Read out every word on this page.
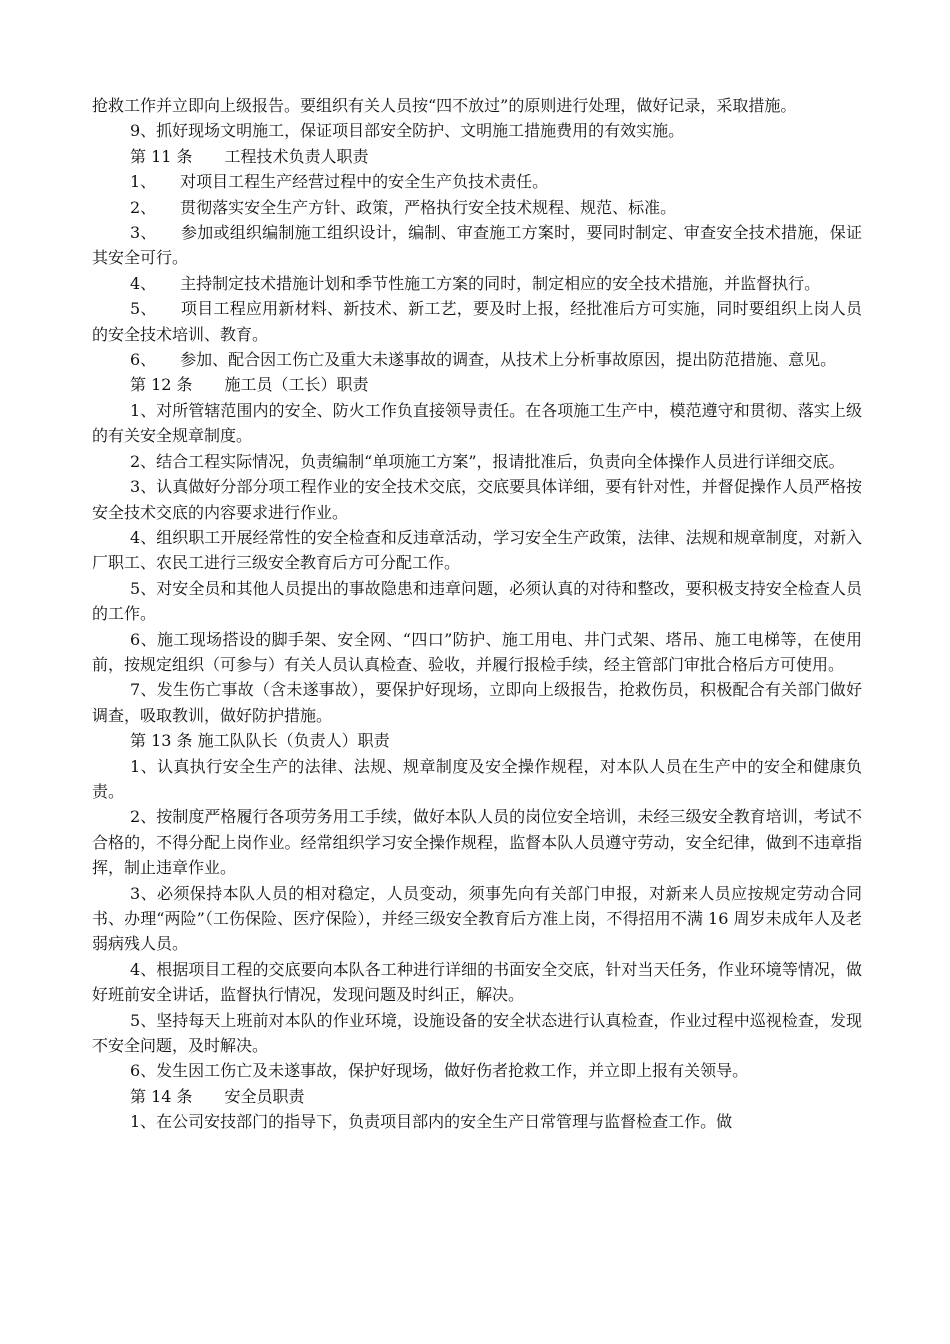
抢救工作并立即向上级报告。要组织有关人员按“四不放过”的原则进行处理，做好记录，采取措施。

9、抓好现场文明施工，保证项目部安全防护、文明施工措施费用的有效实施。

第 11 条　　工程技术负责人职责

1、　　对项目工程生产经营过程中的安全生产负技术责任。

2、　　贯彻落实安全生产方针、政策，严格执行安全技术规程、规范、标准。

3、　　参加或组织编制施工组织设计，编制、审查施工方案时，要同时制定、审查安全技术措施，保证其安全可行。

4、　　主持制定技术措施计划和季节性施工方案的同时，制定相应的安全技术措施，并监督执行。

5、　　项目工程应用新材料、新技术、新工艺，要及时上报，经批准后方可实施，同时要组织上岗人员的安全技术培训、教育。

6、　　参加、配合因工伤亡及重大未遂事故的调查，从技术上分析事故原因，提出防范措施、意见。

第 12 条　　施工员（工长）职责

1、对所管辖范围内的安全、防火工作负直接领导责任。在各项施工生产中，模范遵守和贯彻、落实上级的有关安全规章制度。

2、结合工程实际情况，负责编制“单项施工方案”，报请批准后，负责向全体操作人员进行详细交底。

3、认真做好分部分项工程作业的安全技术交底，交底要具体详细，要有针对性，并督促操作人员严格按安全技术交底的内容要求进行作业。

4、组织职工开展经常性的安全检查和反违章活动，学习安全生产政策，法律、法规和规章制度，对新入厂职工、农民工进行三级安全教育后方可分配工作。

5、对安全员和其他人员提出的事故隐患和违章问题，必须认真的对待和整改，要积极支持安全检查人员的工作。

6、施工现场搭设的脚手架、安全网、“四口”防护、施工用电、井门式架、塔吊、施工电梯等，在使用前，按规定组织（可参与）有关人员认真检查、验收，并履行报检手续，经主管部门审批合格后方可使用。

7、发生伤亡事故（含未遂事故），要保护好现场，立即向上级报告，抢救伤员，积极配合有关部门做好调查，吸取教训，做好防护措施。

第 13 条 施工队队长（负责人）职责

1、认真执行安全生产的法律、法规、规章制度及安全操作规程，对本队人员在生产中的安全和健康负责。

2、按制度严格履行各项劳务用工手续，做好本队人员的岗位安全培训，未经三级安全教育培训，考试不合格的，不得分配上岗作业。经常组织学习安全操作规程，监督本队人员遵守劳动，安全纪律，做到不违章指挥，制止违章作业。

3、必须保持本队人员的相对稳定，人员变动，须事先向有关部门申报，对新来人员应按规定劳动合同书、办理“两险”（工伤保险、医疗保险），并经三级安全教育后方准上岗，不得招用不满 16 周岁未成年人及老弱病残人员。

4、根据项目工程的交底要向本队各工种进行详细的书面安全交底，针对当天任务，作业环境等情况，做好班前安全讲话，监督执行情况，发现问题及时纠正，解决。

5、坚持每天上班前对本队的作业环境，设施设备的安全状态进行认真检查，作业过程中巡视检查，发现不安全问题，及时解决。

6、发生因工伤亡及未遂事故，保护好现场，做好伤者抢救工作，并立即上报有关领导。

第 14 条　　安全员职责

1、在公司安技部门的指导下，负责项目部内的安全生产日常管理与监督检查工作。做
